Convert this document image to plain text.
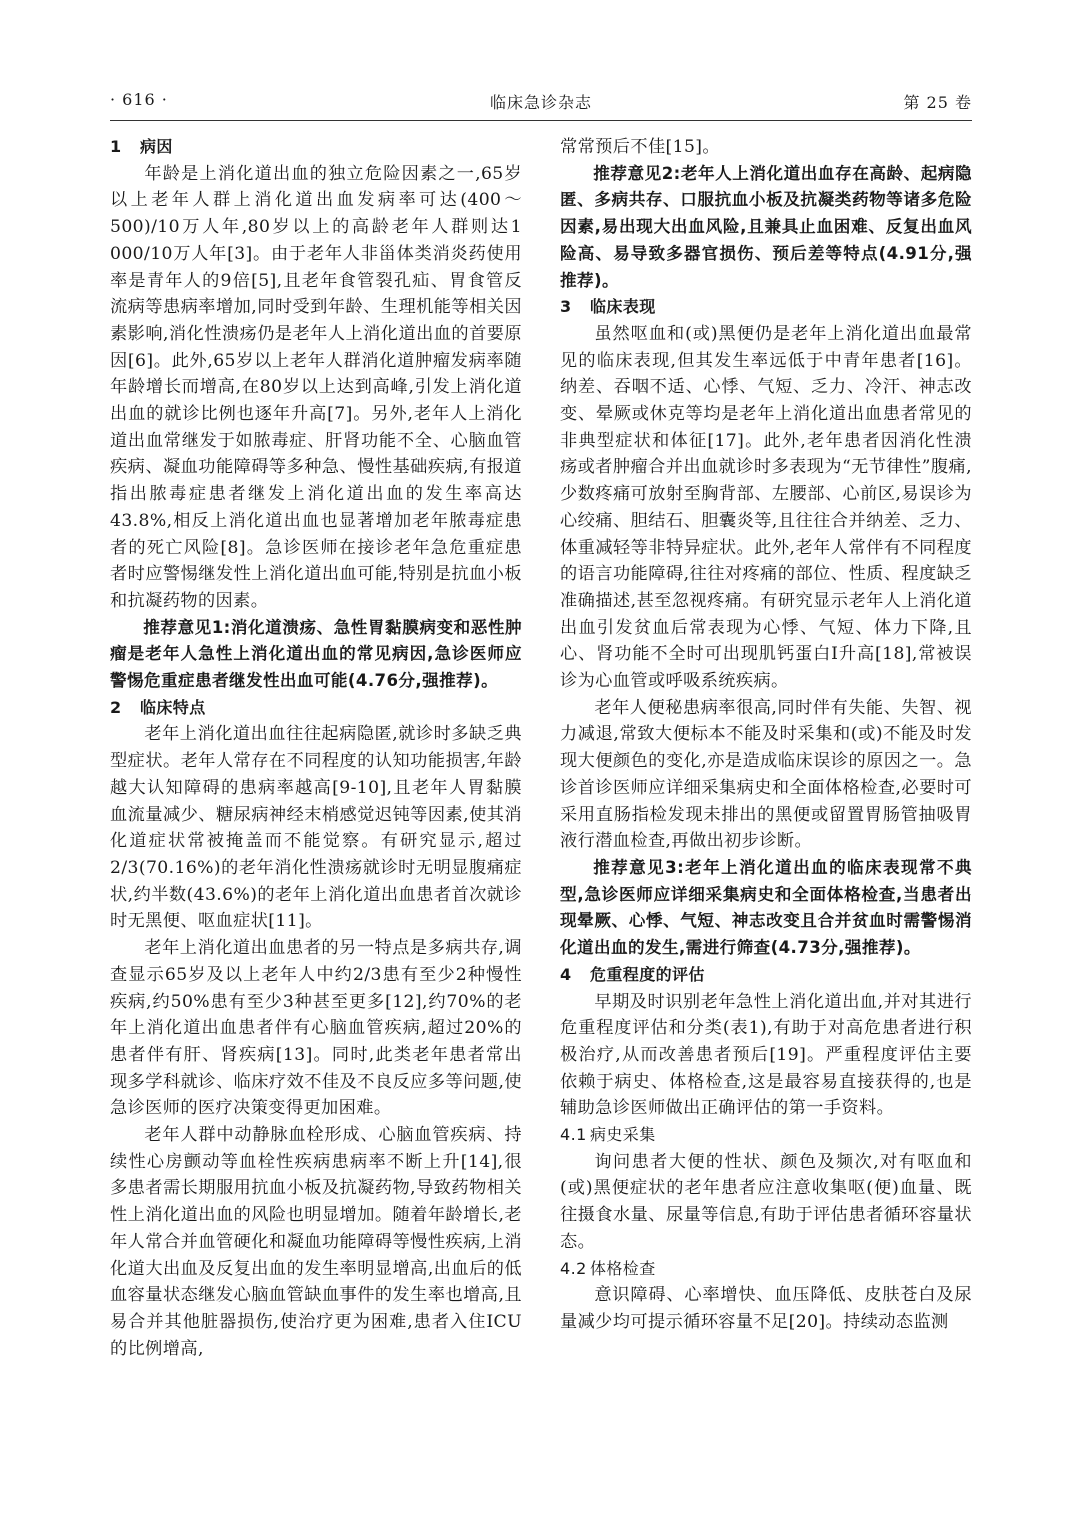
· 616 ·	临床急诊杂志	第 25 卷

1 病因

年龄是上消化道出血的独立危险因素之一,65岁以上老年人群上消化道出血发病率可达(400～500)/10万人年,80岁以上的高龄老年人群则达1 000/10万人年[3]。由于老年人非甾体类消炎药使用率是青年人的9倍[5],且老年食管裂孔疝、胃食管反流病等患病率增加,同时受到年龄、生理机能等相关因素影响,消化性溃疡仍是老年人上消化道出血的首要原因[6]。此外,65岁以上老年人群消化道肿瘤发病率随年龄增长而增高,在80岁以上达到高峰,引发上消化道出血的就诊比例也逐年升高[7]。另外,老年人上消化道出血常继发于如脓毒症、肝肾功能不全、心脑血管疾病、凝血功能障碍等多种急、慢性基础疾病,有报道指出脓毒症患者继发上消化道出血的发生率高达43.8%,相反上消化道出血也显著增加老年脓毒症患者的死亡风险[8]。急诊医师在接诊老年急危重症患者时应警惕继发性上消化道出血可能,特别是抗血小板和抗凝药物的因素。

推荐意见1:消化道溃疡、急性胃黏膜病变和恶性肿瘤是老年人急性上消化道出血的常见病因,急诊医师应警惕危重症患者继发性出血可能(4.76分,强推荐)。

2 临床特点

老年上消化道出血往往起病隐匿,就诊时多缺乏典型症状。老年人常存在不同程度的认知功能损害,年龄越大认知障碍的患病率越高[9-10],且老年人胃黏膜血流量减少、糖尿病神经末梢感觉迟钝等因素,使其消化道症状常被掩盖而不能觉察。有研究显示,超过2/3(70.16%)的老年消化性溃疡就诊时无明显腹痛症状,约半数(43.6%)的老年上消化道出血患者首次就诊时无黑便、呕血症状[11]。

老年上消化道出血患者的另一特点是多病共存,调查显示65岁及以上老年人中约2/3患有至少2种慢性疾病,约50%患有至少3种甚至更多[12],约70%的老年上消化道出血患者伴有心脑血管疾病,超过20%的患者伴有肝、肾疾病[13]。同时,此类老年患者常出现多学科就诊、临床疗效不佳及不良反应多等问题,使急诊医师的医疗决策变得更加困难。

老年人群中动静脉血栓形成、心脑血管疾病、持续性心房颤动等血栓性疾病患病率不断上升[14],很多患者需长期服用抗血小板及抗凝药物,导致药物相关性上消化道出血的风险也明显增加。随着年龄增长,老年人常合并血管硬化和凝血功能障碍等慢性疾病,上消化道大出血及反复出血的发生率明显增高,出血后的低血容量状态继发心脑血管缺血事件的发生率也增高,且易合并其他脏器损伤,使治疗更为困难,患者入住ICU的比例增高,

常常预后不佳[15]。

推荐意见2:老年人上消化道出血存在高龄、起病隐匿、多病共存、口服抗血小板及抗凝类药物等诸多危险因素,易出现大出血风险,且兼具止血困难、反复出血风险高、易导致多器官损伤、预后差等特点(4.91分,强推荐)。

3 临床表现

虽然呕血和(或)黑便仍是老年上消化道出血最常见的临床表现,但其发生率远低于中青年患者[16]。纳差、吞咽不适、心悸、气短、乏力、冷汗、神志改变、晕厥或休克等均是老年上消化道出血患者常见的非典型症状和体征[17]。此外,老年患者因消化性溃疡或者肿瘤合并出血就诊时多表现为“无节律性”腹痛,少数疼痛可放射至胸背部、左腰部、心前区,易误诊为心绞痛、胆结石、胆囊炎等,且往往合并纳差、乏力、体重减轻等非特异症状。此外,老年人常伴有不同程度的语言功能障碍,往往对疼痛的部位、性质、程度缺乏准确描述,甚至忽视疼痛。有研究显示老年人上消化道出血引发贫血后常表现为心悸、气短、体力下降,且心、肾功能不全时可出现肌钙蛋白I升高[18],常被误诊为心血管或呼吸系统疾病。

老年人便秘患病率很高,同时伴有失能、失智、视力减退,常致大便标本不能及时采集和(或)不能及时发现大便颜色的变化,亦是造成临床误诊的原因之一。急诊首诊医师应详细采集病史和全面体格检查,必要时可采用直肠指检发现未排出的黑便或留置胃肠管抽吸胃液行潜血检查,再做出初步诊断。

推荐意见3:老年上消化道出血的临床表现常不典型,急诊医师应详细采集病史和全面体格检查,当患者出现晕厥、心悸、气短、神志改变且合并贫血时需警惕消化道出血的发生,需进行筛查(4.73分,强推荐)。

4 危重程度的评估

早期及时识别老年急性上消化道出血,并对其进行危重程度评估和分类(表1),有助于对高危患者进行积极治疗,从而改善患者预后[19]。严重程度评估主要依赖于病史、体格检查,这是最容易直接获得的,也是辅助急诊医师做出正确评估的第一手资料。

4.1 病史采集

询问患者大便的性状、颜色及频次,对有呕血和(或)黑便症状的老年患者应注意收集呕(便)血量、既往摄食水量、尿量等信息,有助于评估患者循环容量状态。

4.2 体格检查

意识障碍、心率增快、血压降低、皮肤苍白及尿量减少均可提示循环容量不足[20]。持续动态监测
